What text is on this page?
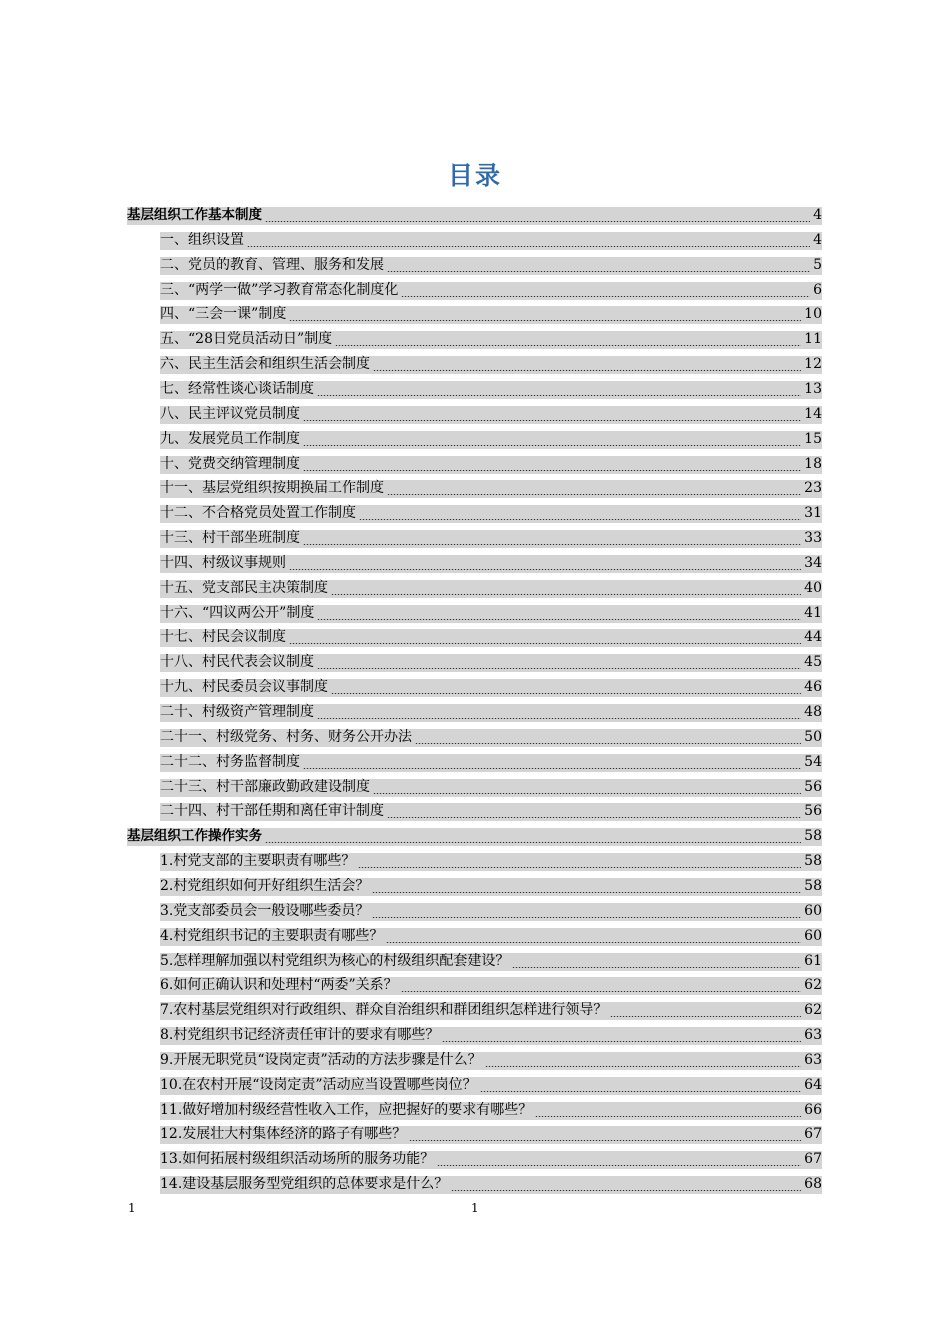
目录
基层组织工作基本制度	4
一、组织设置	4
二、党员的教育、管理、服务和发展	5
三、“两学一做”学习教育常态化制度化	6
四、“三会一课”制度	10
五、“28日党员活动日”制度	11
六、民主生活会和组织生活会制度	12
七、经常性谈心谈话制度	13
八、民主评议党员制度	14
九、发展党员工作制度	15
十、党费交纳管理制度	18
十一、基层党组织按期换届工作制度	23
十二、不合格党员处置工作制度	31
十三、村干部坐班制度	33
十四、村级议事规则	34
十五、党支部民主决策制度	40
十六、“四议两公开”制度	41
十七、村民会议制度	44
十八、村民代表会议制度	45
十九、村民委员会议事制度	46
二十、村级资产管理制度	48
二十一、村级党务、村务、财务公开办法	50
二十二、村务监督制度	54
二十三、村干部廉政勤政建设制度	56
二十四、村干部任期和离任审计制度	56
基层组织工作操作实务	58
1.村党支部的主要职责有哪些？	58
2.村党组织如何开好组织生活会？	58
3.党支部委员会一般设哪些委员？	60
4.村党组织书记的主要职责有哪些？	60
5.怎样理解加强以村党组织为核心的村级组织配套建设？	61
6.如何正确认识和处理村“两委”关系？	62
7.农村基层党组织对行政组织、群众自治组织和群团组织怎样进行领导？	62
8.村党组织书记经济责任审计的要求有哪些？	63
9.开展无职党员“设岗定责”活动的方法步骤是什么？	63
10.在农村开展“设岗定责”活动应当设置哪些岗位？	64
11.做好增加村级经营性收入工作，应把握好的要求有哪些？	66
12.发展壮大村集体经济的路子有哪些？	67
13.如何拓展村级组织活动场所的服务功能？	67
14.建设基层服务型党组织的总体要求是什么？	68
1	1
